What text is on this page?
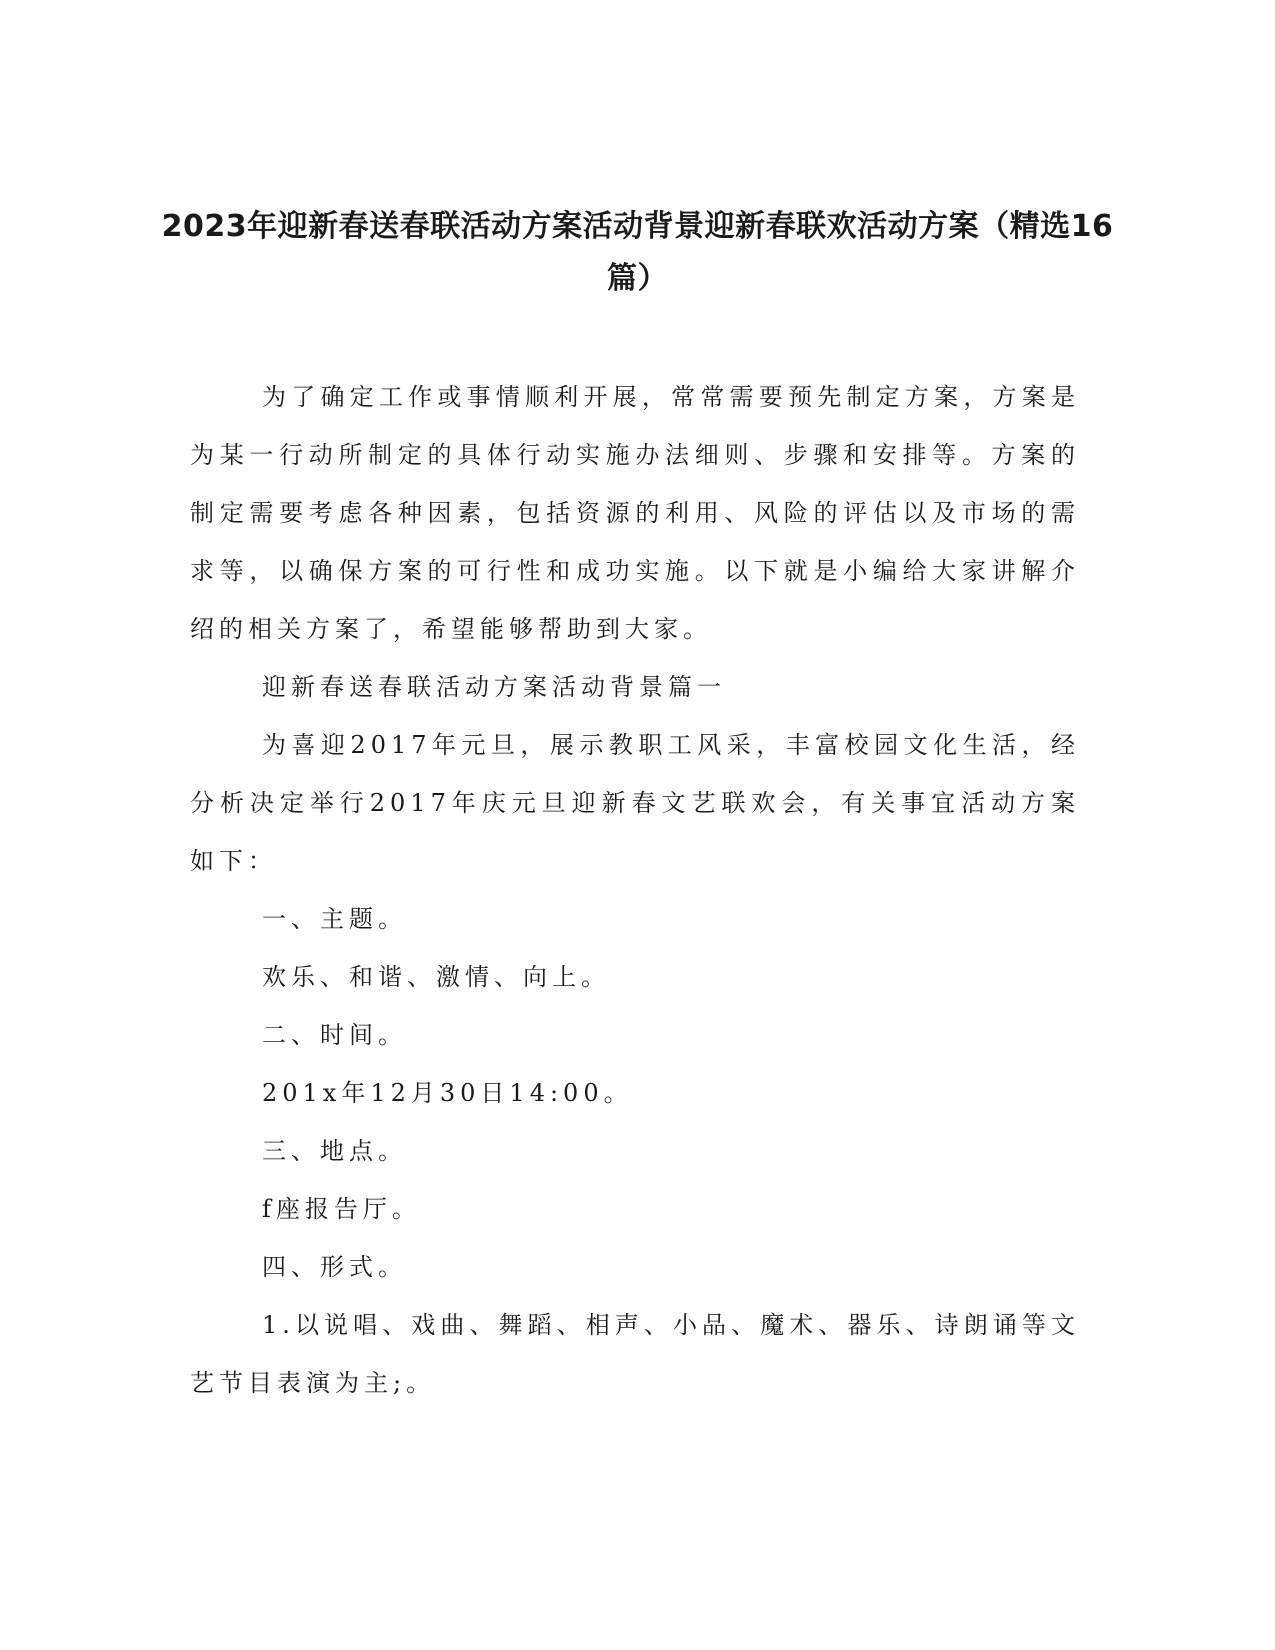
2023年迎新春送春联活动方案活动背景迎新春联欢活动方案（精选16篇）

为了确定工作或事情顺利开展，常常需要预先制定方案，方案是为某一行动所制定的具体行动实施办法细则、步骤和安排等。方案的制定需要考虑各种因素，包括资源的利用、风险的评估以及市场的需求等，以确保方案的可行性和成功实施。以下就是小编给大家讲解介绍的相关方案了，希望能够帮助到大家。

迎新春送春联活动方案活动背景篇一

为喜迎2017年元旦，展示教职工风采，丰富校园文化生活，经分析决定举行2017年庆元旦迎新春文艺联欢会，有关事宜活动方案如下：

一、主题。

欢乐、和谐、激情、向上。

二、时间。

201x年12月30日14:00。

三、地点。

f座报告厅。

四、形式。

1.以说唱、戏曲、舞蹈、相声、小品、魔术、器乐、诗朗诵等文艺节目表演为主;。
